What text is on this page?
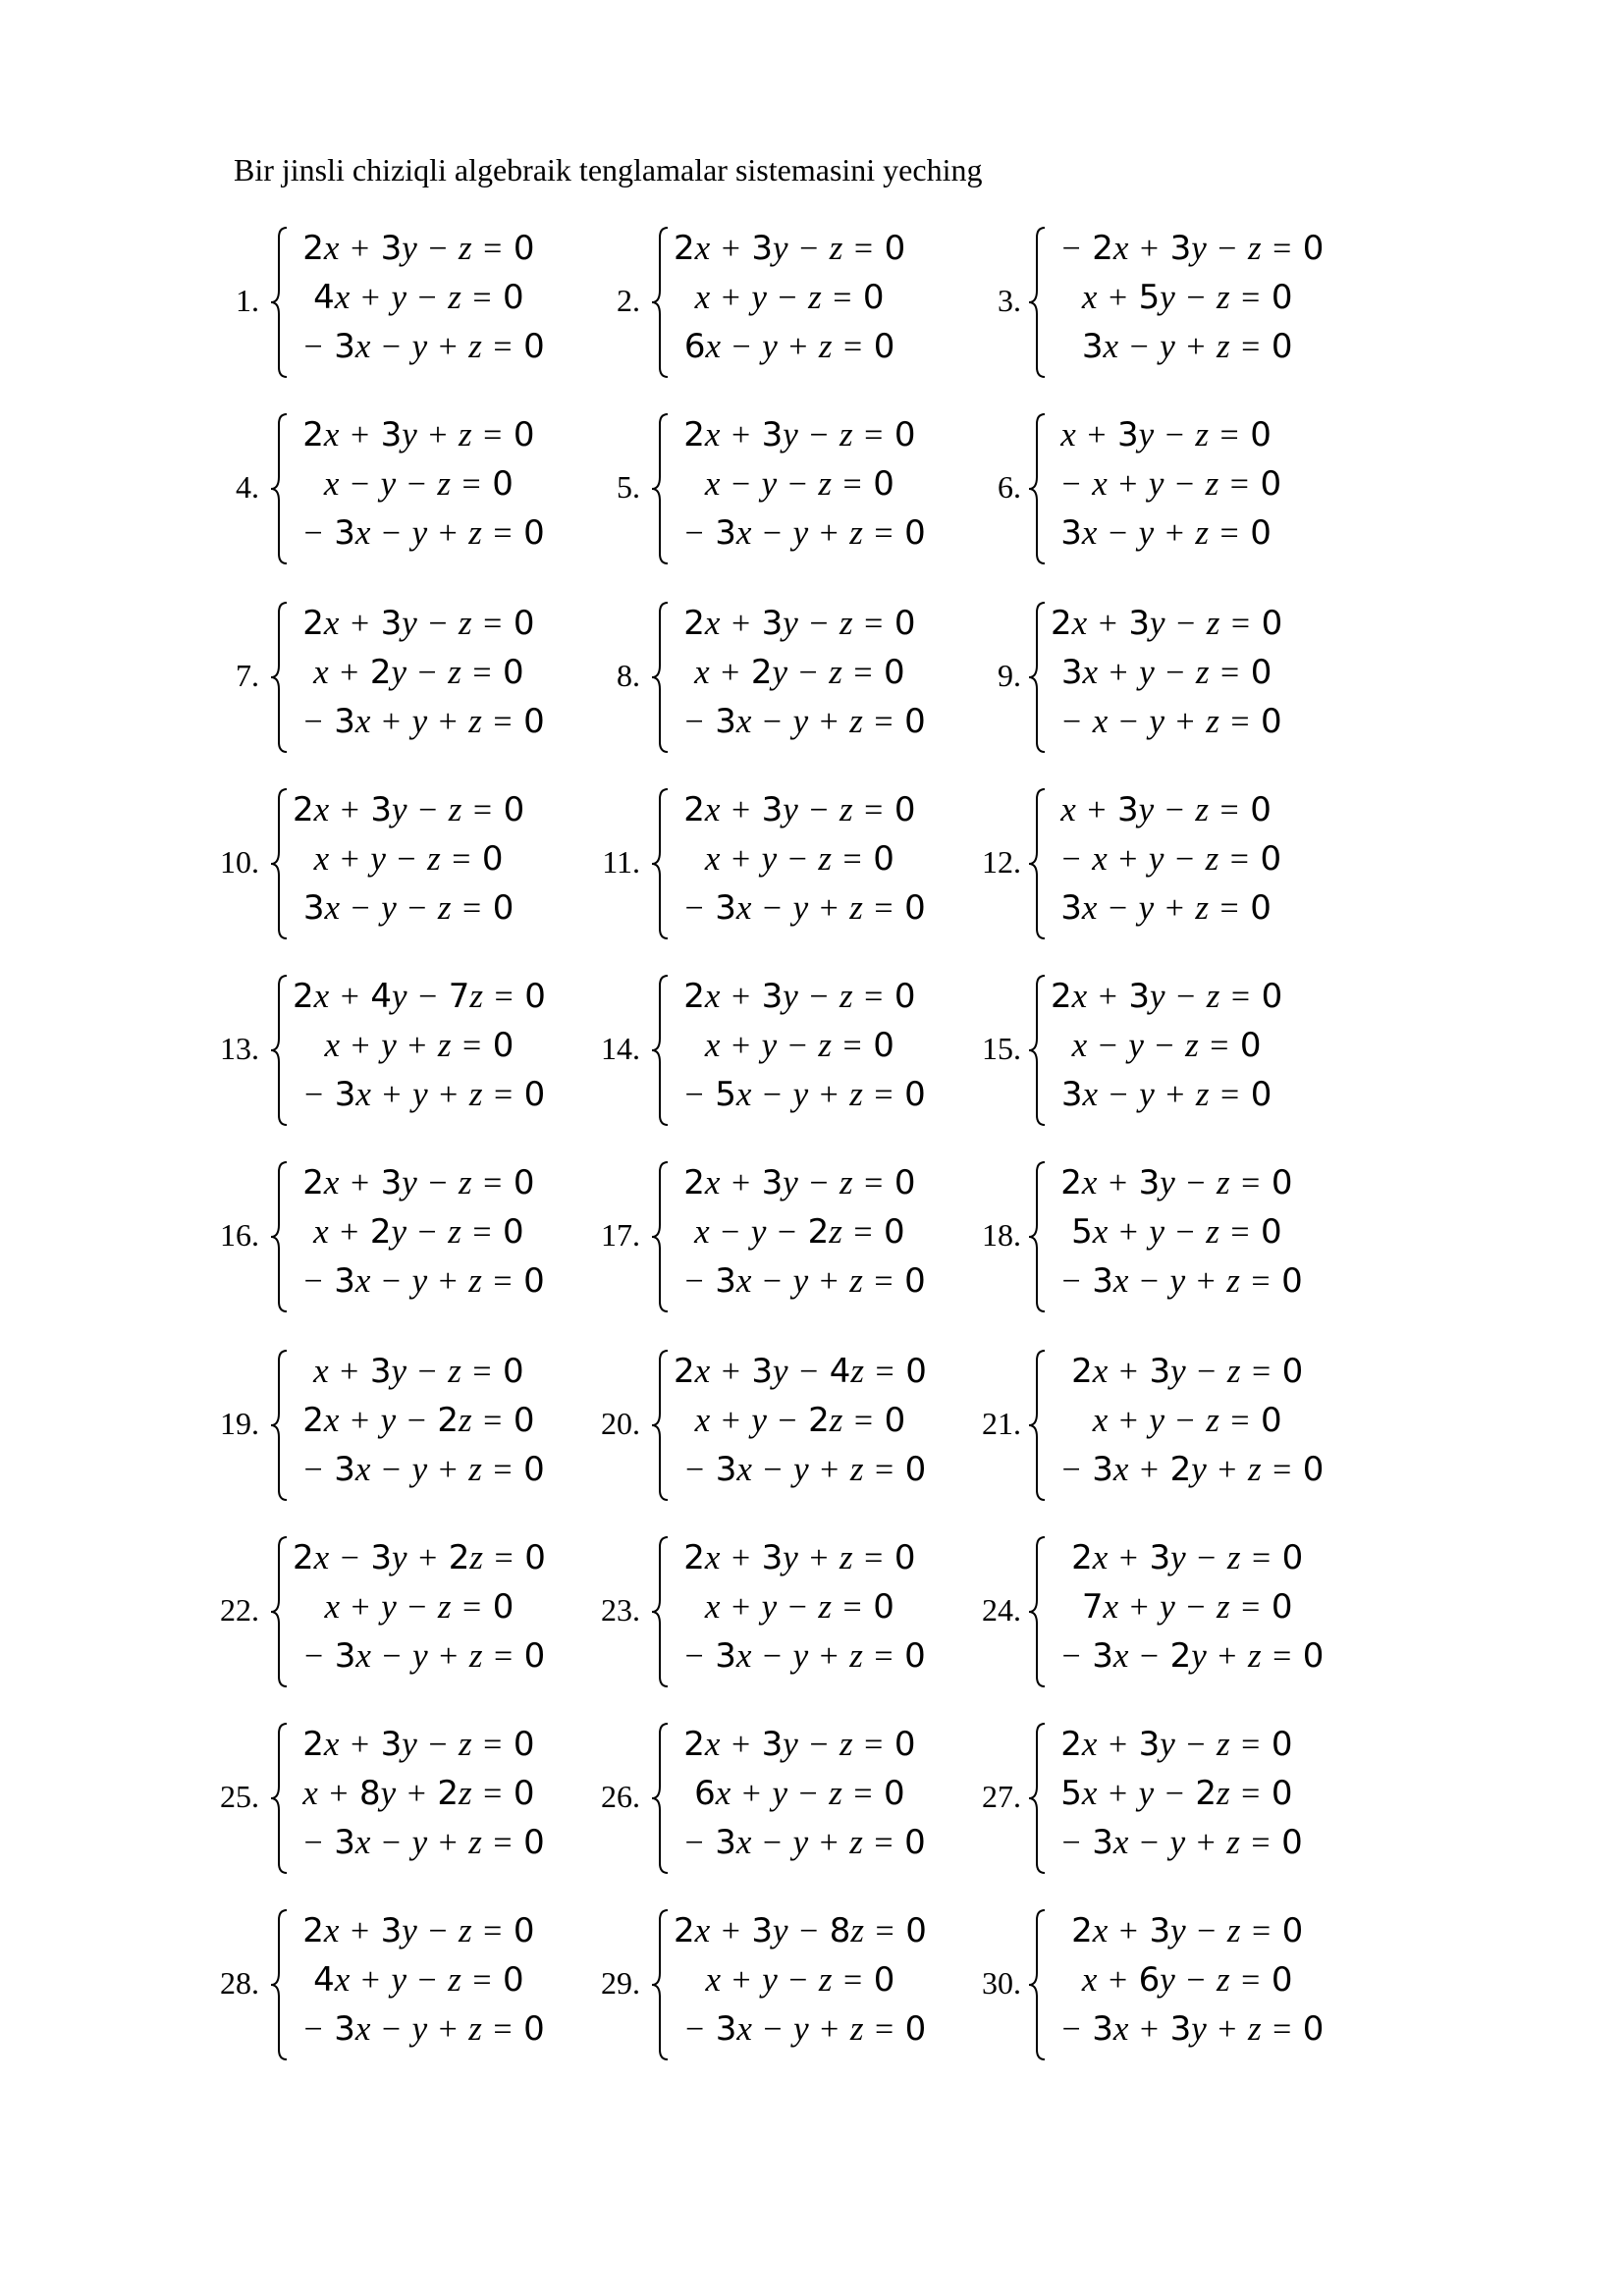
Bir jinsli chiziqli algebraik tenglamalar sistemasini yeching
1.
2x + 3y − z = 0
4x + y − z = 0
− 3x − y + z = 0
2.
2x + 3y − z = 0
x + y − z = 0
6x − y + z = 0
3.
− 2x + 3y − z = 0
x + 5y − z = 0
3x − y + z = 0
4.
2x + 3y + z = 0
x − y − z = 0
− 3x − y + z = 0
5.
2x + 3y − z = 0
x − y − z = 0
− 3x − y + z = 0
6.
x + 3y − z = 0
− x + y − z = 0
3x − y + z = 0
7.
2x + 3y − z = 0
x + 2y − z = 0
− 3x + y + z = 0
8.
2x + 3y − z = 0
x + 2y − z = 0
− 3x − y + z = 0
9.
2x + 3y − z = 0
3x + y − z = 0
− x − y + z = 0
10.
2x + 3y − z = 0
x + y − z = 0
3x − y − z = 0
11.
2x + 3y − z = 0
x + y − z = 0
− 3x − y + z = 0
12.
x + 3y − z = 0
− x + y − z = 0
3x − y + z = 0
13.
2x + 4y − 7z = 0
x + y + z = 0
− 3x + y + z = 0
14.
2x + 3y − z = 0
x + y − z = 0
− 5x − y + z = 0
15.
2x + 3y − z = 0
x − y − z = 0
3x − y + z = 0
16.
2x + 3y − z = 0
x + 2y − z = 0
− 3x − y + z = 0
17.
2x + 3y − z = 0
x − y − 2z = 0
− 3x − y + z = 0
18.
2x + 3y − z = 0
5x + y − z = 0
− 3x − y + z = 0
19.
x + 3y − z = 0
2x + y − 2z = 0
− 3x − y + z = 0
20.
2x + 3y − 4z = 0
x + y − 2z = 0
− 3x − y + z = 0
21.
2x + 3y − z = 0
x + y − z = 0
− 3x + 2y + z = 0
22.
2x − 3y + 2z = 0
x + y − z = 0
− 3x − y + z = 0
23.
2x + 3y + z = 0
x + y − z = 0
− 3x − y + z = 0
24.
2x + 3y − z = 0
7x + y − z = 0
− 3x − 2y + z = 0
25.
2x + 3y − z = 0
x + 8y + 2z = 0
− 3x − y + z = 0
26.
2x + 3y − z = 0
6x + y − z = 0
− 3x − y + z = 0
27.
2x + 3y − z = 0
5x + y − 2z = 0
− 3x − y + z = 0
28.
2x + 3y − z = 0
4x + y − z = 0
− 3x − y + z = 0
29.
2x + 3y − 8z = 0
x + y − z = 0
− 3x − y + z = 0
30.
2x + 3y − z = 0
x + 6y − z = 0
− 3x + 3y + z = 0
